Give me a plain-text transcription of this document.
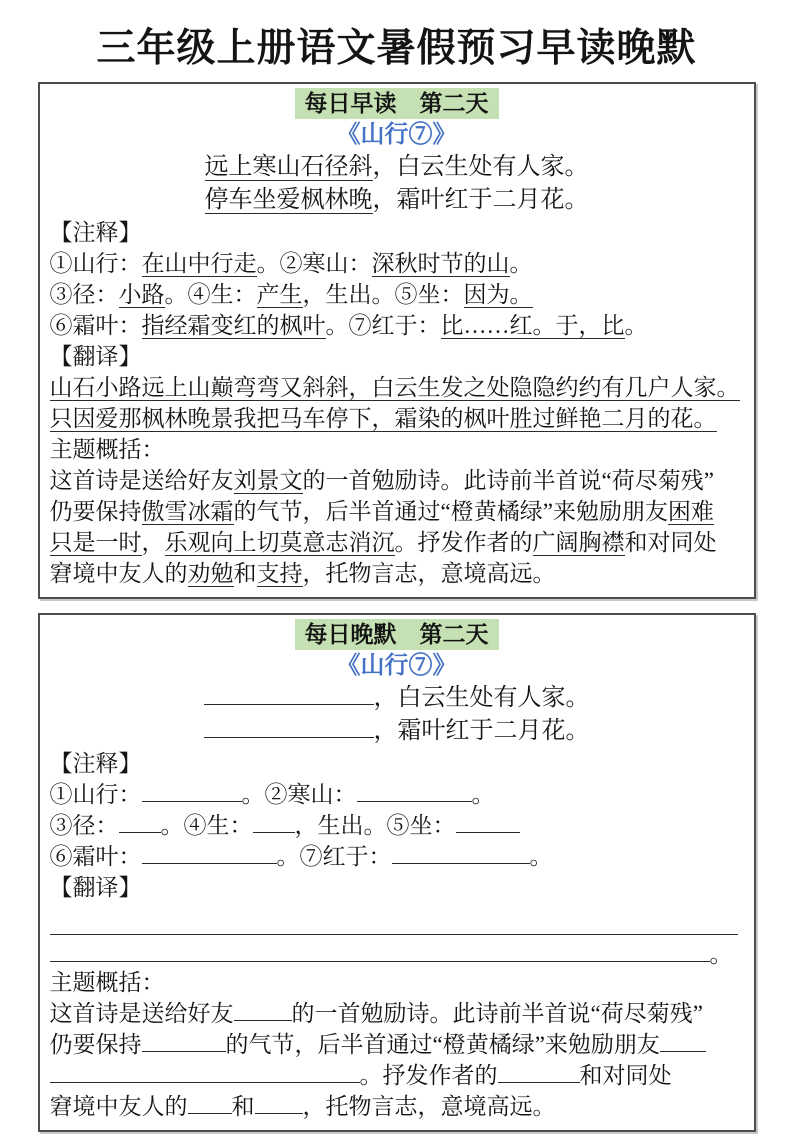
三年级上册语文暑假预习早读晚默
每日早读　第二天
《山行⑦》
远上寒山石径斜，白云生处有人家。
停车坐爱枫林晚，霜叶红于二月花。
【注释】
①山行：在山中行走。②寒山：深秋时节的山。
③径：小路。④生：产生，生出。⑤坐：因为。
⑥霜叶：指经霜变红的枫叶。⑦红于：比……红。于，比。
【翻译】
山石小路远上山巅弯弯又斜斜，白云生发之处隐隐约约有几户人家。
只因爱那枫林晚景我把马车停下，霜染的枫叶胜过鲜艳二月的花。
主题概括：
这首诗是送给好友刘景文的一首勉励诗。此诗前半首说“荷尽菊残”
仍要保持傲雪冰霜的气节，后半首通过“橙黄橘绿”来勉励朋友困难
只是一时，乐观向上切莫意志消沉。抒发作者的广阔胸襟和对同处
窘境中友人的劝勉和支持，托物言志，意境高远。
每日晚默　第二天
《山行⑦》
，白云生处有人家。
，霜叶红于二月花。
【注释】
①山行：	。②寒山：	。
③径： 。④生： ，生出。⑤坐：
⑥霜叶：	。⑦红于：	。
【翻译】
。
主题概括：
这首诗是送给好友	的一首勉励诗。此诗前半首说“荷尽菊残”
仍要保持	的气节，后半首通过“橙黄橘绿”来勉励朋友
。抒发作者的	和对同处
窘境中友人的 和 ，托物言志，意境高远。
